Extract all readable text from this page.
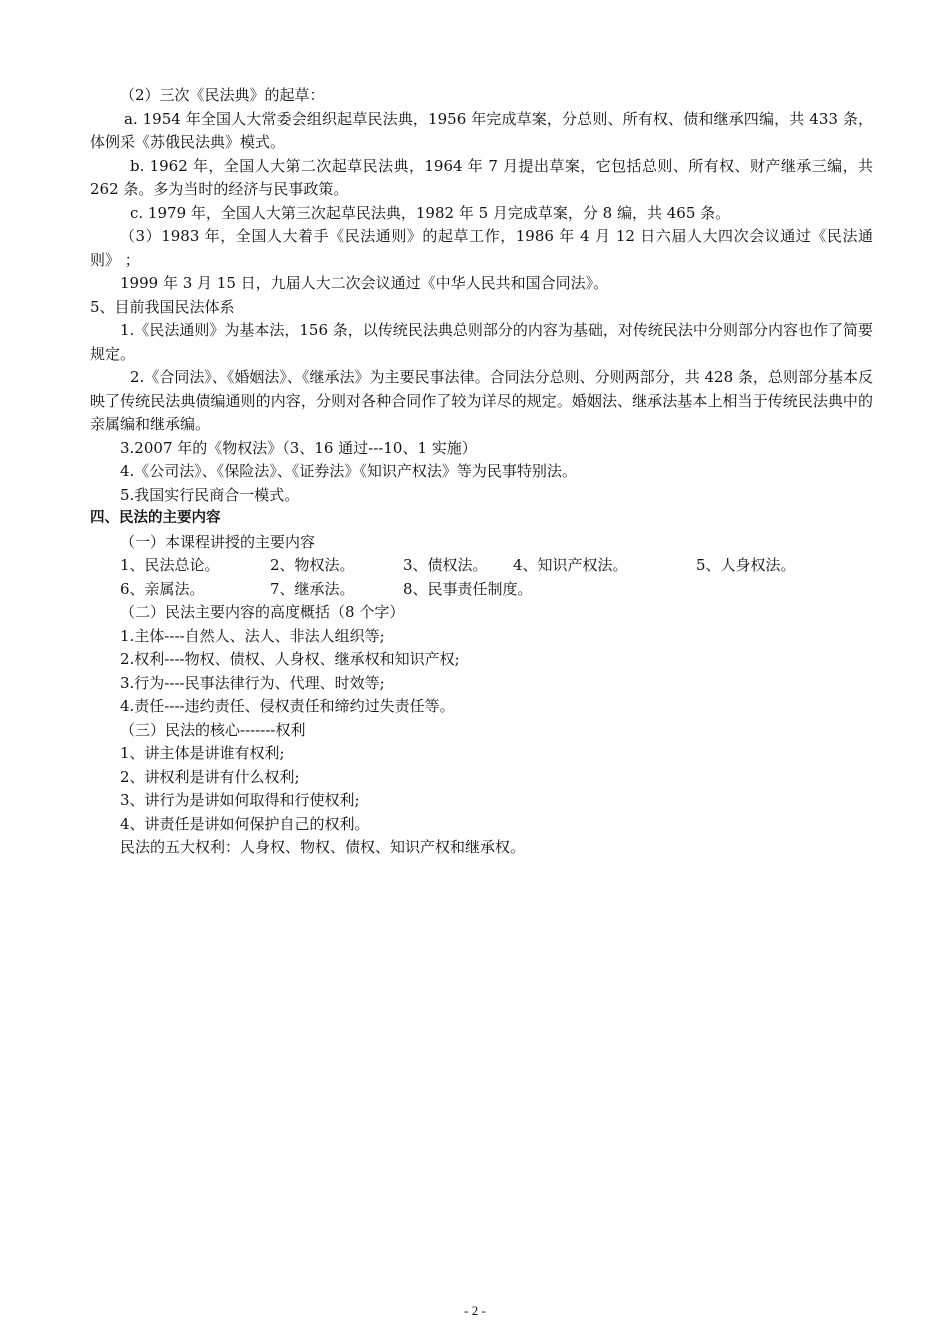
（2）三次《民法典》的起草：

a. 1954 年全国人大常委会组织起草民法典，1956 年完成草案，分总则、所有权、债和继承四编，共 433 条，体例采《苏俄民法典》模式。

b. 1962 年，全国人大第二次起草民法典，1964 年 7 月提出草案，它包括总则、所有权、财产继承三编，共 262 条。多为当时的经济与民事政策。

c. 1979 年，全国人大第三次起草民法典，1982 年 5 月完成草案，分 8 编，共 465 条。

（3）1983 年，全国人大着手《民法通则》的起草工作，1986 年 4 月 12 日六届人大四次会议通过《民法通则》 ；

1999 年 3 月 15 日，九届人大二次会议通过《中华人民共和国合同法》。

5、目前我国民法体系

1.《民法通则》为基本法，156 条，以传统民法典总则部分的内容为基础，对传统民法中分则部分内容也作了简要规定。

2.《合同法》、《婚姻法》、《继承法》为主要民事法律。合同法分总则、分则两部分，共 428 条，总则部分基本反映了传统民法典债编通则的内容，分则对各种合同作了较为详尽的规定。婚姻法、继承法基本上相当于传统民法典中的亲属编和继承编。

3.2007 年的《物权法》（3、16 通过---10、1 实施）

4.《公司法》、《保险法》、《证券法》《知识产权法》等为民事特别法。

5.我国实行民商合一模式。

四、民法的主要内容

（一）本课程讲授的主要内容

1、民法总论。	2、物权法。	3、债权法。	4、知识产权法。	5、人身权法。
6、亲属法。	7、继承法。	8、民事责任制度。

（二）民法主要内容的高度概括（8 个字）

1.主体----自然人、法人、非法人组织等;

2.权利----物权、债权、人身权、继承权和知识产权;

3.行为----民事法律行为、代理、时效等;

4.责任----违约责任、侵权责任和缔约过失责任等。

（三）民法的核心-------权利

1、讲主体是讲谁有权利;

2、讲权利是讲有什么权利;

3、讲行为是讲如何取得和行使权利;

4、讲责任是讲如何保护自己的权利。

民法的五大权利：人身权、物权、债权、知识产权和继承权。

- 2 -
